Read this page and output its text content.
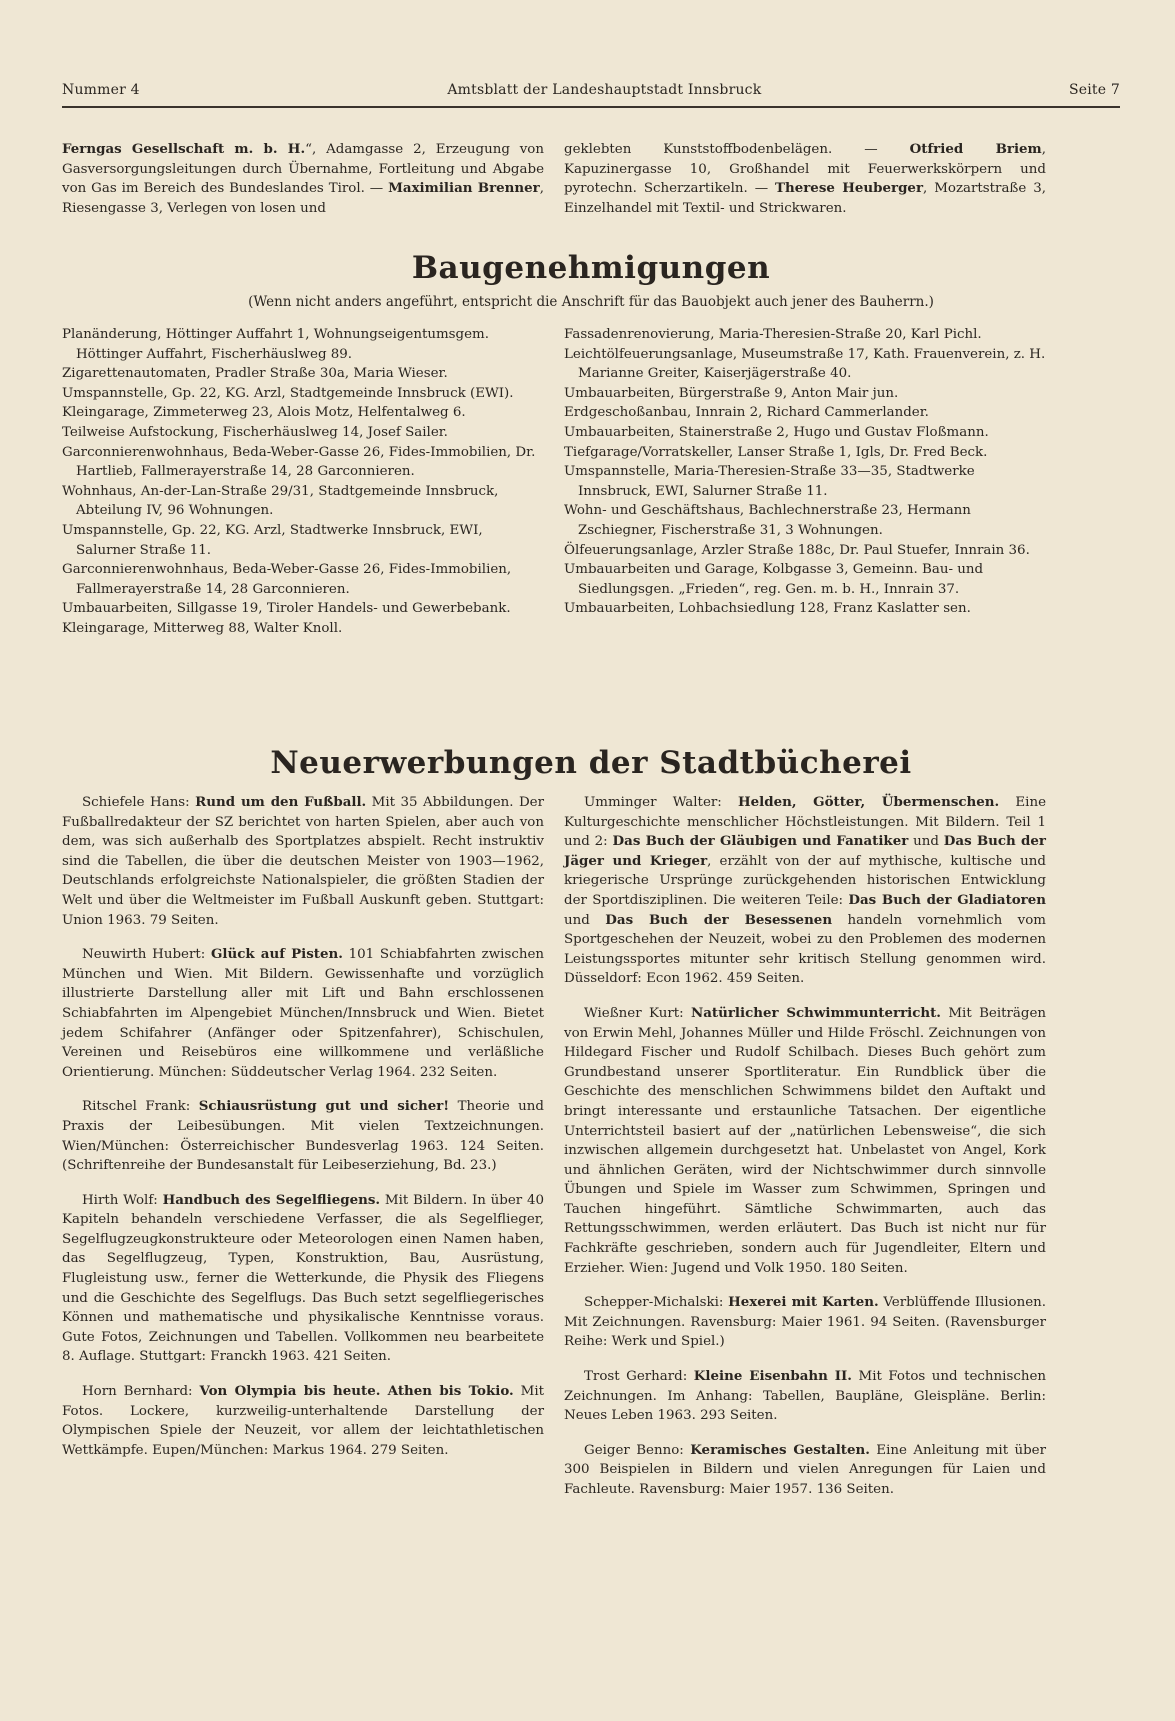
Nummer 4	Amtsblatt der Landeshauptstadt Innsbruck	Seite 7

Ferngas Gesellschaft m. b. H.“, Adamgasse 2, Erzeugung von Gasversorgungsleitungen durch Übernahme, Fortleitung und Abgabe von Gas im Bereich des Bundeslandes Tirol. — Maximilian Brenner, Riesengasse 3, Verlegen von losen und

geklebten Kunststoffbodenbelägen. — Otfried Briem, Kapuzinergasse 10, Großhandel mit Feuerwerkskörpern und pyrotechn. Scherzartikeln. — Therese Heuberger, Mozartstraße 3, Einzelhandel mit Textil- und Strickwaren.

Baugenehmigungen
(Wenn nicht anders angeführt, entspricht die Anschrift für das Bauobjekt auch jener des Bauherrn.)

Planänderung, Höttinger Auffahrt 1, Wohnungseigentumsgem. Höttinger Auffahrt, Fischerhäuslweg 89.

Zigarettenautomaten, Pradler Straße 30a, Maria Wieser.

Umspannstelle, Gp. 22, KG. Arzl, Stadtgemeinde Innsbruck (EWI).

Kleingarage, Zimmeterweg 23, Alois Motz, Helfentalweg 6.

Teilweise Aufstockung, Fischerhäuslweg 14, Josef Sailer.

Garconnierenwohnhaus, Beda-Weber-Gasse 26, Fides-Immobilien, Dr. Hartlieb, Fallmerayerstraße 14, 28 Garconnieren.

Wohnhaus, An-der-Lan-Straße 29/31, Stadtgemeinde Innsbruck, Abteilung IV, 96 Wohnungen.

Umspannstelle, Gp. 22, KG. Arzl, Stadtwerke Innsbruck, EWI, Salurner Straße 11.

Garconnierenwohnhaus, Beda-Weber-Gasse 26, Fides-Immobilien, Fallmerayerstraße 14, 28 Garconnieren.

Umbauarbeiten, Sillgasse 19, Tiroler Handels- und Gewerbebank.

Kleingarage, Mitterweg 88, Walter Knoll.

Fassadenrenovierung, Maria-Theresien-Straße 20, Karl Pichl.

Leichtölfeuerungsanlage, Museumstraße 17, Kath. Frauenverein, z. H. Marianne Greiter, Kaiserjägerstraße 40.

Umbauarbeiten, Bürgerstraße 9, Anton Mair jun.

Erdgeschoßanbau, Innrain 2, Richard Cammerlander.

Umbauarbeiten, Stainerstraße 2, Hugo und Gustav Floßmann.

Tiefgarage/Vorratskeller, Lanser Straße 1, Igls, Dr. Fred Beck.

Umspannstelle, Maria-Theresien-Straße 33—35, Stadtwerke Innsbruck, EWI, Salurner Straße 11.

Wohn- und Geschäftshaus, Bachlechnerstraße 23, Hermann Zschiegner, Fischerstraße 31, 3 Wohnungen.

Ölfeuerungsanlage, Arzler Straße 188c, Dr. Paul Stuefer, Innrain 36.

Umbauarbeiten und Garage, Kolbgasse 3, Gemeinn. Bau- und Siedlungsgen. „Frieden“, reg. Gen. m. b. H., Innrain 37.

Umbauarbeiten, Lohbachsiedlung 128, Franz Kaslatter sen.

Neuerwerbungen der Stadtbücherei

Schiefele Hans: Rund um den Fußball. Mit 35 Abbildungen. Der Fußballredakteur der SZ berichtet von harten Spielen, aber auch von dem, was sich außerhalb des Sportplatzes abspielt. Recht instruktiv sind die Tabellen, die über die deutschen Meister von 1903—1962, Deutschlands erfolgreichste Nationalspieler, die größten Stadien der Welt und über die Weltmeister im Fußball Auskunft geben. Stuttgart: Union 1963. 79 Seiten.

Neuwirth Hubert: Glück auf Pisten. 101 Schiabfahrten zwischen München und Wien. Mit Bildern. Gewissenhafte und vorzüglich illustrierte Darstellung aller mit Lift und Bahn erschlossenen Schiabfahrten im Alpengebiet München/Innsbruck und Wien. Bietet jedem Schifahrer (Anfänger oder Spitzenfahrer), Schischulen, Vereinen und Reisebüros eine willkommene und verläßliche Orientierung. München: Süddeutscher Verlag 1964. 232 Seiten.

Ritschel Frank: Schiausrüstung gut und sicher! Theorie und Praxis der Leibesübungen. Mit vielen Textzeichnungen. Wien/München: Österreichischer Bundesverlag 1963. 124 Seiten. (Schriftenreihe der Bundesanstalt für Leibeserziehung, Bd. 23.)

Hirth Wolf: Handbuch des Segelfliegens. Mit Bildern. In über 40 Kapiteln behandeln verschiedene Verfasser, die als Segelflieger, Segelflugzeugkonstrukteure oder Meteorologen einen Namen haben, das Segelflugzeug, Typen, Konstruktion, Bau, Ausrüstung, Flugleistung usw., ferner die Wetterkunde, die Physik des Fliegens und die Geschichte des Segelflugs. Das Buch setzt segelfliegerisches Können und mathematische und physikalische Kenntnisse voraus. Gute Fotos, Zeichnungen und Tabellen. Vollkommen neu bearbeitete 8. Auflage. Stuttgart: Franckh 1963. 421 Seiten.

Horn Bernhard: Von Olympia bis heute. Athen bis Tokio. Mit Fotos. Lockere, kurzweilig-unterhaltende Darstellung der Olympischen Spiele der Neuzeit, vor allem der leichtathletischen Wettkämpfe. Eupen/München: Markus 1964. 279 Seiten.

Umminger Walter: Helden, Götter, Übermenschen. Eine Kulturgeschichte menschlicher Höchstleistungen. Mit Bildern. Teil 1 und 2: Das Buch der Gläubigen und Fanatiker und Das Buch der Jäger und Krieger, erzählt von der auf mythische, kultische und kriegerische Ursprünge zurückgehenden historischen Entwicklung der Sportdisziplinen. Die weiteren Teile: Das Buch der Gladiatoren und Das Buch der Besessenen handeln vornehmlich vom Sportgeschehen der Neuzeit, wobei zu den Problemen des modernen Leistungssportes mitunter sehr kritisch Stellung genommen wird. Düsseldorf: Econ 1962. 459 Seiten.

Wießner Kurt: Natürlicher Schwimmunterricht. Mit Beiträgen von Erwin Mehl, Johannes Müller und Hilde Fröschl. Zeichnungen von Hildegard Fischer und Rudolf Schilbach. Dieses Buch gehört zum Grundbestand unserer Sportliteratur. Ein Rundblick über die Geschichte des menschlichen Schwimmens bildet den Auftakt und bringt interessante und erstaunliche Tatsachen. Der eigentliche Unterrichtsteil basiert auf der „natürlichen Lebensweise“, die sich inzwischen allgemein durchgesetzt hat. Unbelastet von Angel, Kork und ähnlichen Geräten, wird der Nichtschwimmer durch sinnvolle Übungen und Spiele im Wasser zum Schwimmen, Springen und Tauchen hingeführt. Sämtliche Schwimmarten, auch das Rettungsschwimmen, werden erläutert. Das Buch ist nicht nur für Fachkräfte geschrieben, sondern auch für Jugendleiter, Eltern und Erzieher. Wien: Jugend und Volk 1950. 180 Seiten.

Schepper-Michalski: Hexerei mit Karten. Verblüffende Illusionen. Mit Zeichnungen. Ravensburg: Maier 1961. 94 Seiten. (Ravensburger Reihe: Werk und Spiel.)

Trost Gerhard: Kleine Eisenbahn II. Mit Fotos und technischen Zeichnungen. Im Anhang: Tabellen, Baupläne, Gleispläne. Berlin: Neues Leben 1963. 293 Seiten.

Geiger Benno: Keramisches Gestalten. Eine Anleitung mit über 300 Beispielen in Bildern und vielen Anregungen für Laien und Fachleute. Ravensburg: Maier 1957. 136 Seiten.
